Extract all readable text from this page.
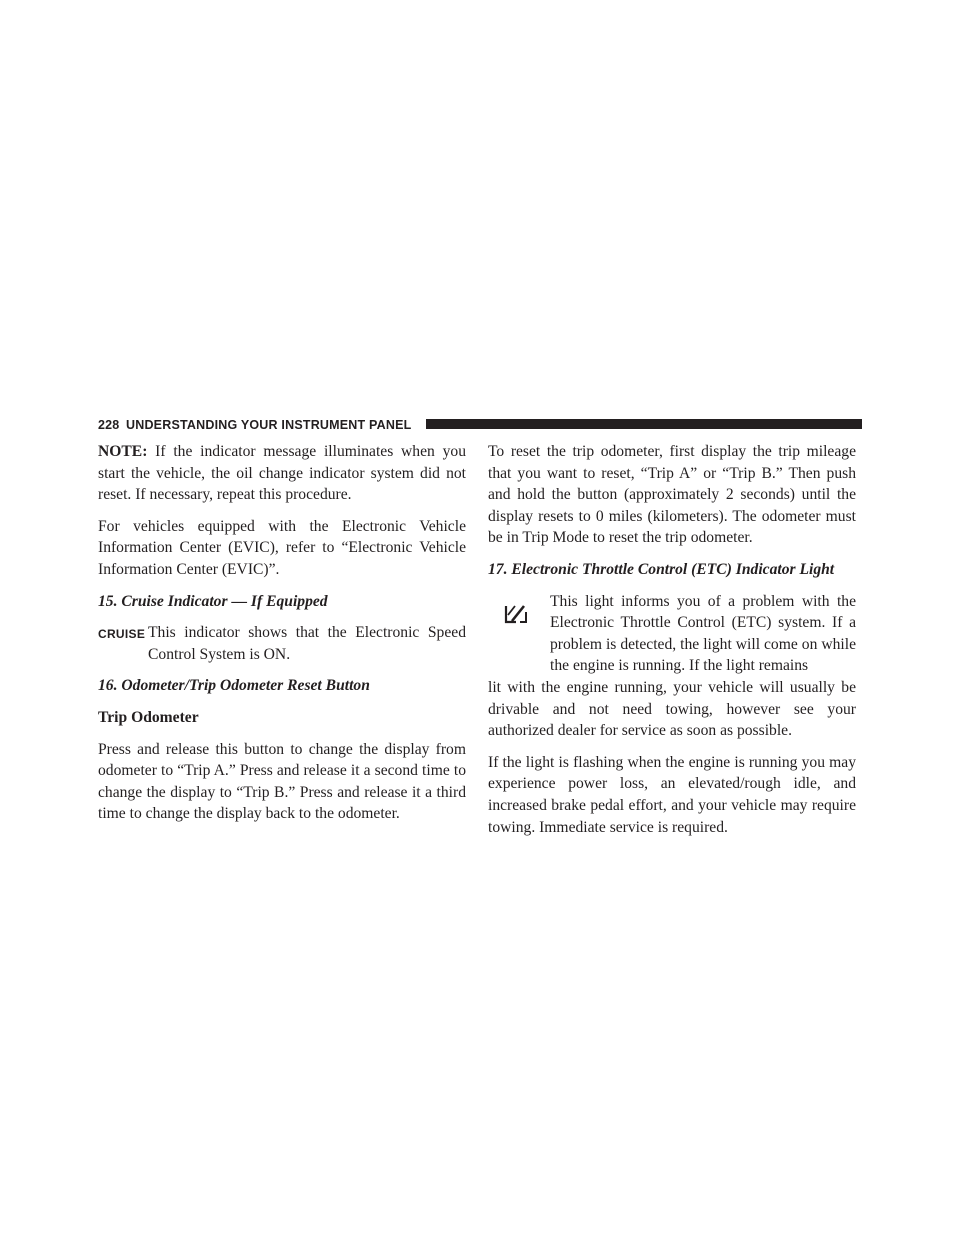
228 UNDERSTANDING YOUR INSTRUMENT PANEL

NOTE: If the indicator message illuminates when you start the vehicle, the oil change indicator system did not reset. If necessary, repeat this procedure.

For vehicles equipped with the Electronic Vehicle Information Center (EVIC), refer to “Electronic Vehicle Information Center (EVIC)”.

15. Cruise Indicator — If Equipped

CRUISE This indicator shows that the Electronic Speed Control System is ON.

16. Odometer/Trip Odometer Reset Button

Trip Odometer

Press and release this button to change the display from odometer to “Trip A.” Press and release it a second time to change the display to “Trip B.” Press and release it a third time to change the display back to the odometer.

To reset the trip odometer, first display the trip mileage that you want to reset, “Trip A” or “Trip B.” Then push and hold the button (approximately 2 seconds) until the display resets to 0 miles (kilometers). The odometer must be in Trip Mode to reset the trip odometer.

17. Electronic Throttle Control (ETC) Indicator Light

This light informs you of a problem with the Electronic Throttle Control (ETC) system. If a problem is detected, the light will come on while the engine is running. If the light remains
lit with the engine running, your vehicle will usually be drivable and not need towing, however see your authorized dealer for service as soon as possible.

If the light is flashing when the engine is running you may experience power loss, an elevated/rough idle, and increased brake pedal effort, and your vehicle may require towing. Immediate service is required.
